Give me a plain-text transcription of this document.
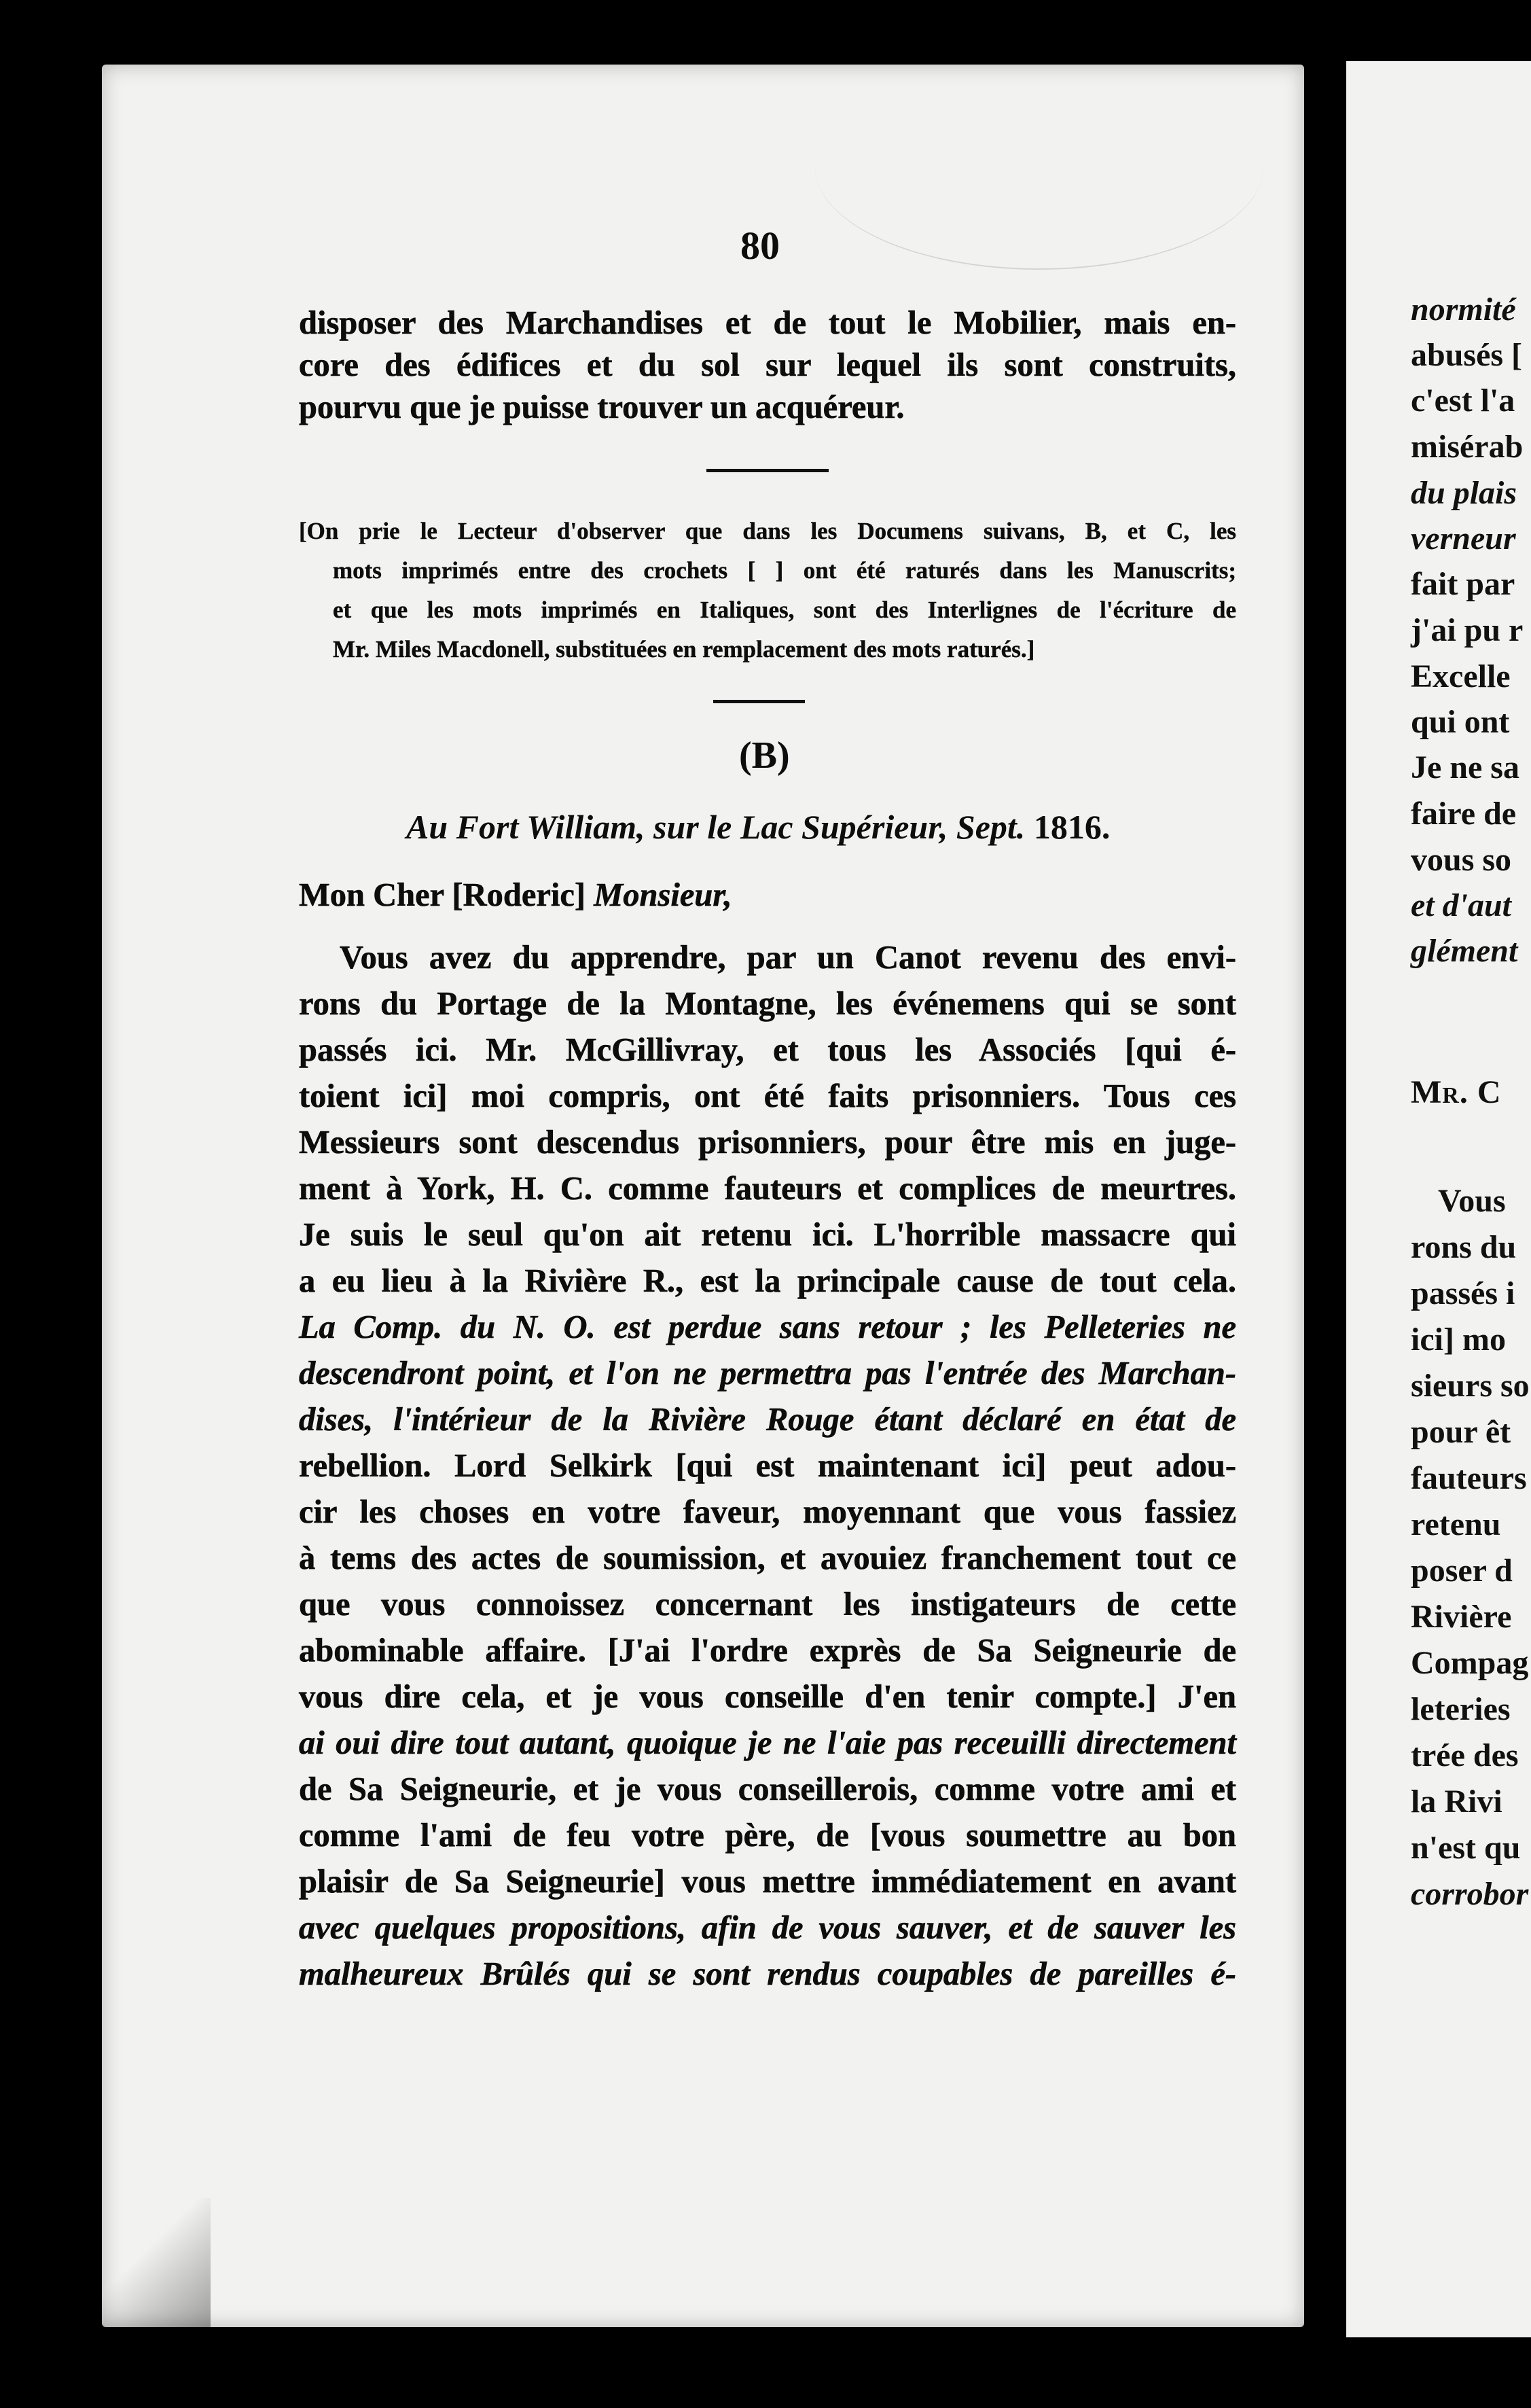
normité
abusés [
c'est l'a
misérab
du plais
verneur
fait par
j'ai pu r
Excelle
qui ont
Je ne sa
faire de
vous so
et d'aut
glément
Mr. C
Vous
rons du
passés i
ici] mo
sieurs so
pour êt
fauteurs
retenu
poser d
Rivière
Compag
leteries
trée des
la Rivi
n'est qu
corrobor
80
disposer des Marchandises et de tout le Mobilier, mais en-
core des édifices et du sol sur lequel ils sont construits,
pourvu que je puisse trouver un acquéreur.
[On prie le Lecteur d'observer que dans les Documens suivans, B, et C, les
mots imprimés entre des crochets [ ] ont été raturés dans les Manuscrits;
et que les mots imprimés en Italiques, sont des Interlignes de l'écriture de
Mr. Miles Macdonell, substituées en remplacement des mots raturés.]
(B)
Au Fort William, sur le Lac Supérieur, Sept. 1816.
Mon Cher [Roderic] Monsieur,
Vous avez du apprendre, par un Canot revenu des envi-
rons du Portage de la Montagne, les événemens qui se sont
passés ici. Mr. McGillivray, et tous les Associés [qui é-
toient ici] moi compris, ont été faits prisonniers. Tous ces
Messieurs sont descendus prisonniers, pour être mis en juge-
ment à York, H. C. comme fauteurs et complices de meurtres.
Je suis le seul qu'on ait retenu ici. L'horrible massacre qui
a eu lieu à la Rivière R., est la principale cause de tout cela.
La Comp. du N. O. est perdue sans retour ; les Pelleteries ne
descendront point, et l'on ne permettra pas l'entrée des Marchan-
dises, l'intérieur de la Rivière Rouge étant déclaré en état de
rebellion. Lord Selkirk [qui est maintenant ici] peut adou-
cir les choses en votre faveur, moyennant que vous fassiez
à tems des actes de soumission, et avouiez franchement tout ce
que vous connoissez concernant les instigateurs de cette
abominable affaire. [J'ai l'ordre exprès de Sa Seigneurie de
vous dire cela, et je vous conseille d'en tenir compte.] J'en
ai oui dire tout autant, quoique je ne l'aie pas receuilli directement
de Sa Seigneurie, et je vous conseillerois, comme votre ami et
comme l'ami de feu votre père, de [vous soumettre au bon
plaisir de Sa Seigneurie] vous mettre immédiatement en avant
avec quelques propositions, afin de vous sauver, et de sauver les
malheureux Brûlés qui se sont rendus coupables de pareilles é-
